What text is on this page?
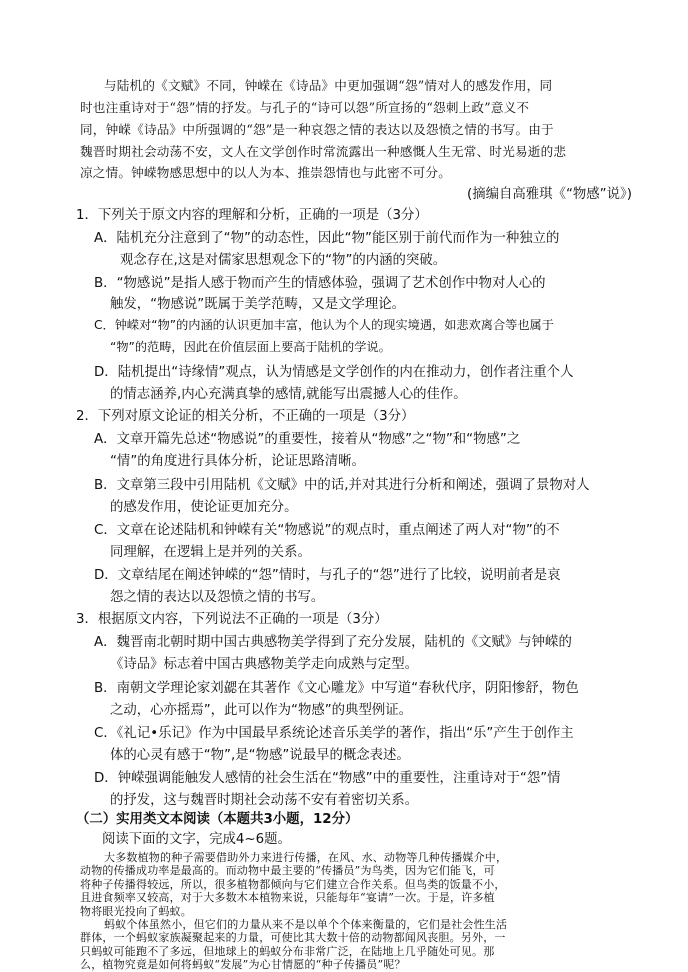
与陆机的《文赋》不同，钟嵘在《诗品》中更加强调“怨”情对人的感发作用，同
时也注重诗对于“怨”情的抒发。与孔子的“诗可以怨”所宣扬的“怨刺上政”意义不
同，钟嵘《诗品》中所强调的“怨”是一种哀怨之情的表达以及怨愤之情的书写。由于
魏晋时期社会动荡不安，文人在文学创作时常流露出一种感慨人生无常、时光易逝的悲
凉之情。钟嵘物感思想中的以人为本、推崇怨情也与此密不可分。
(摘编自高雅琪《“物感”说》)
1．下列关于原文内容的理解和分析，正确的一项是（3分）
A．陆机充分注意到了“物”的动态性，因此“物”能区别于前代而作为一种独立的
观念存在,这是对儒家思想观念下的“物”的内涵的突破。
B．“物感说”是指人感于物而产生的情感体验，强调了艺术创作中物对人心的
触发，“物感说”既属于美学范畴，又是文学理论。
C．钟嵘对“物”的内涵的认识更加丰富，他认为个人的现实境遇，如悲欢离合等也属于
“物”的范畴，因此在价值层面上要高于陆机的学说。
D．陆机提出“诗缘情”观点，认为情感是文学创作的内在推动力，创作者注重个人
的情志涵养,内心充满真挚的感情,就能写出震撼人心的佳作。
2．下列对原文论证的相关分析，不正确的一项是（3分）
A．文章开篇先总述“物感说”的重要性，接着从“物感”之“物”和“物感”之
“情”的角度进行具体分析，论证思路清晰。
B．文章第三段中引用陆机《文赋》中的话,并对其进行分析和阐述，强调了景物对人
的感发作用，使论证更加充分。
C．文章在论述陆机和钟嵘有关“物感说”的观点时，重点阐述了两人对“物”的不
同理解，在逻辑上是并列的关系。
D．文章结尾在阐述钟嵘的“怨”情时，与孔子的“怨”进行了比较，说明前者是哀
怨之情的表达以及怨愤之情的书写。
3．根据原文内容，下列说法不正确的一项是（3分）
A．魏晋南北朝时期中国古典感物美学得到了充分发展，陆机的《文赋》与钟嵘的
《诗品》标志着中国古典感物美学走向成熟与定型。
B．南朝文学理论家刘勰在其著作《文心雕龙》中写道“春秋代序，阴阳惨舒，物色
之动，心亦摇焉”，此可以作为“物感”的典型例证。
C．《礼记•乐记》作为中国最早系统论述音乐美学的著作，指出“乐”产生于创作主
体的心灵有感于“物”,是“物感”说最早的概念表述。
D．钟嵘强调能触发人感情的社会生活在“物感”中的重要性，注重诗对于“怨”情
的抒发，这与魏晋时期社会动荡不安有着密切关系。
（二）实用类文本阅读（本题共3小题，12分）
阅读下面的文字，完成4~6题。
大多数植物的种子需要借助外力来进行传播，在风、水、动物等几种传播媒介中，
动物的传播成功率是最高的。而动物中最主要的“传播员”为鸟类，因为它们能飞，可
将种子传播得较远，所以，很多植物都倾向与它们建立合作关系。但鸟类的饭量不小，
且进食频率又较高，对于大多数木本植物来说，只能每年“宴请”一次。于是，许多植
物将眼光投向了蚂蚁。
蚂蚁个体虽然小，但它们的力量从来不是以单个个体来衡量的，它们是社会性生活
群体，一个蚂蚁家族凝聚起来的力量，可使比其大数十倍的动物都闻风丧胆。另外，一
只蚂蚁可能跑不了多远，但地球上的蚂蚁分布非常广泛，在陆地上几乎随处可见。那
么，植物究竟是如何将蚂蚁“发展”为心甘情愿的“种子传播员”呢？
